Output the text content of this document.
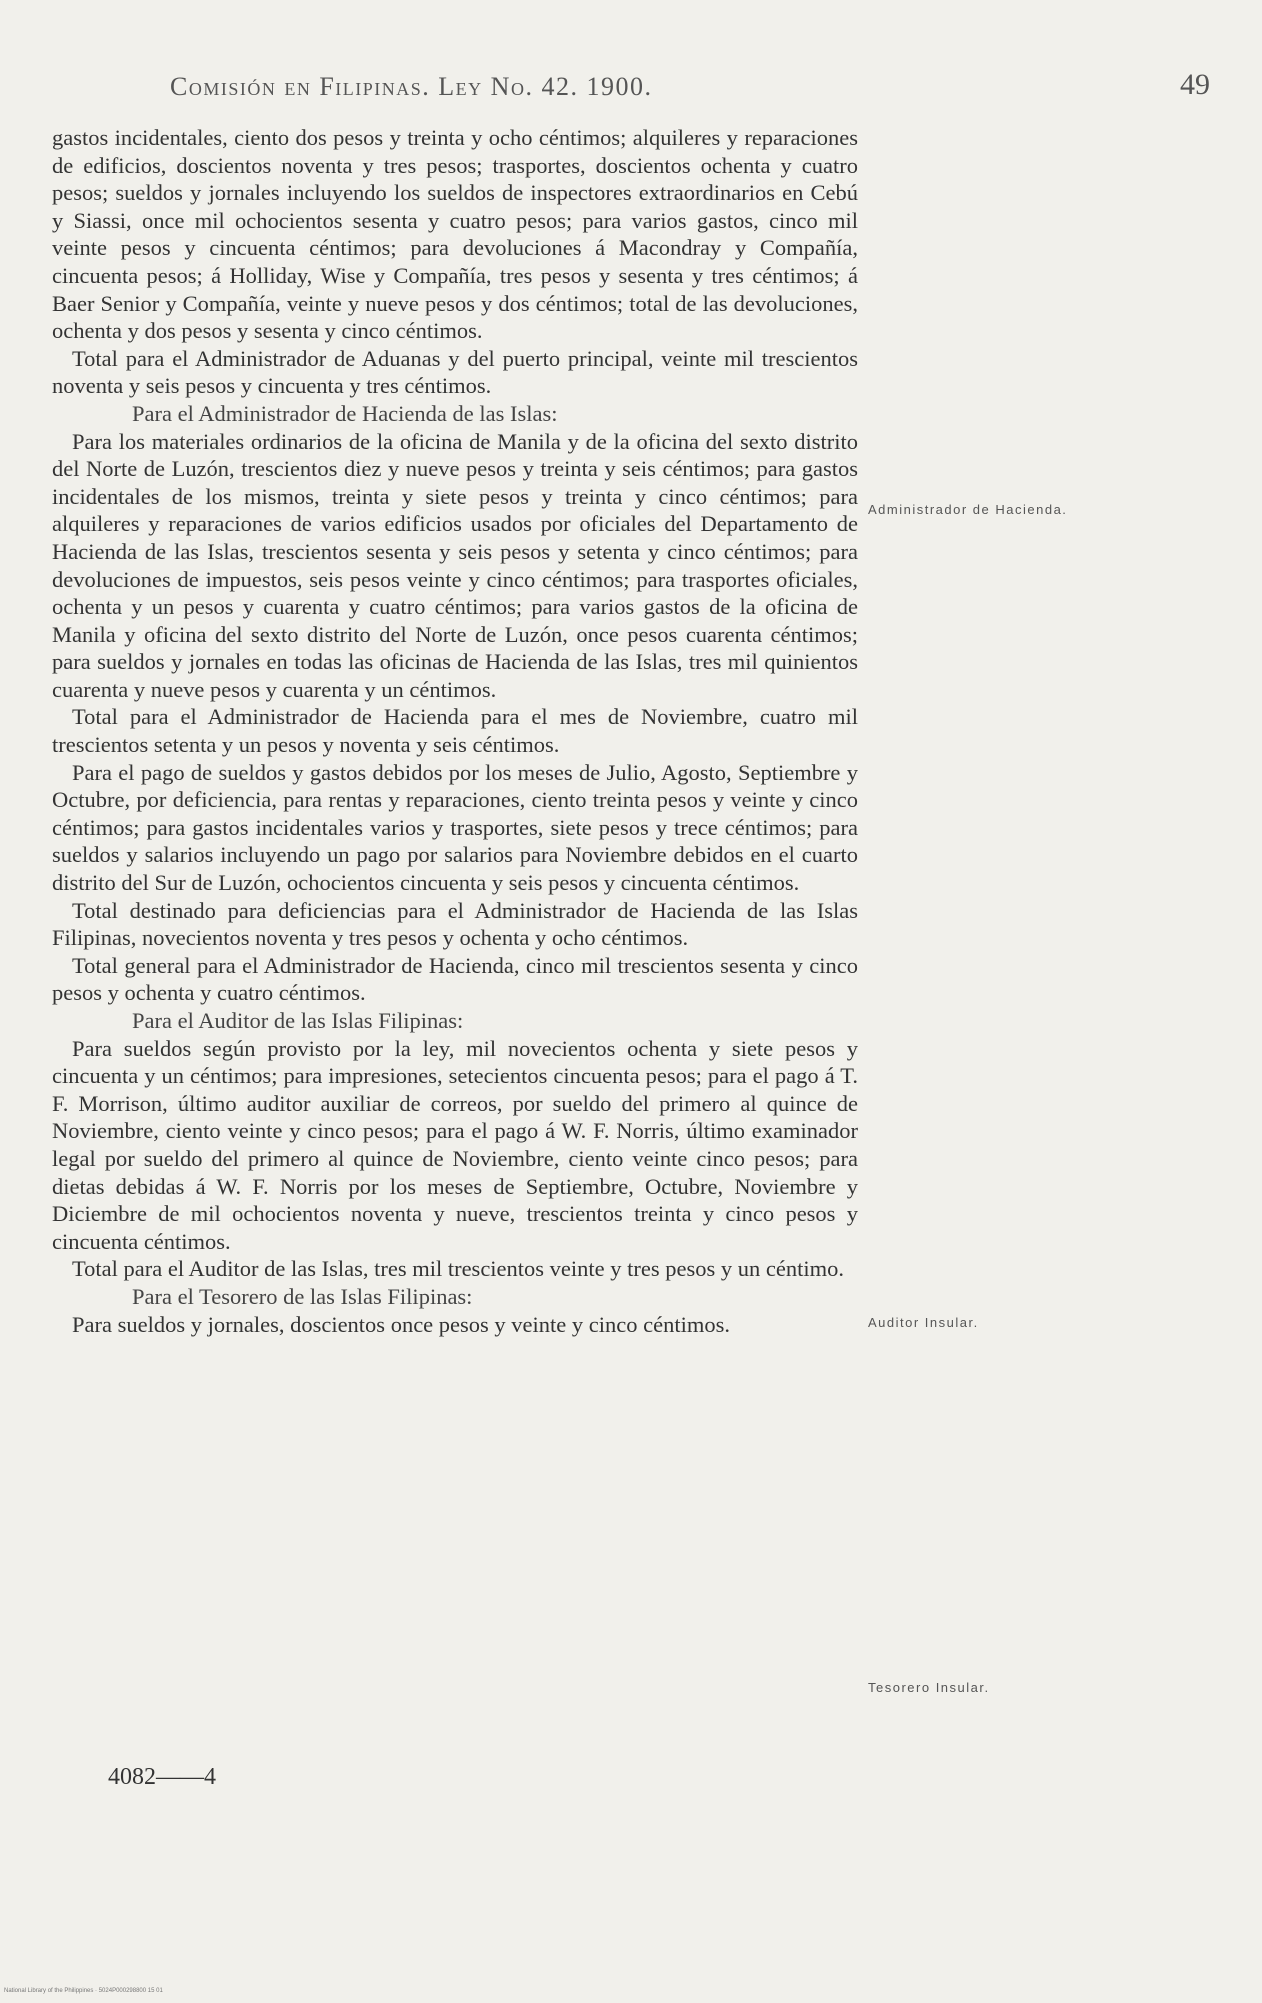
Comisión en Filipinas. Ley No. 42. 1900.	49

gastos incidentales, ciento dos pesos y treinta y ocho céntimos; alquileres y reparaciones de edificios, doscientos noventa y tres pesos; trasportes, doscientos ochenta y cuatro pesos; sueldos y jornales incluyendo los sueldos de inspectores extraordinarios en Cebú y Siassi, once mil ochocientos sesenta y cuatro pesos; para varios gastos, cinco mil veinte pesos y cincuenta céntimos; para devoluciones á Macondray y Compañía, cincuenta pesos; á Holliday, Wise y Compañía, tres pesos y sesenta y tres céntimos; á Baer Senior y Compañía, veinte y nueve pesos y dos céntimos; total de las devoluciones, ochenta y dos pesos y sesenta y cinco céntimos.

Total para el Administrador de Aduanas y del puerto principal, veinte mil trescientos noventa y seis pesos y cincuenta y tres céntimos.

Para el Administrador de Hacienda de las Islas:

Para los materiales ordinarios de la oficina de Manila y de la oficina del sexto distrito del Norte de Luzón, trescientos diez y nueve pesos y treinta y seis céntimos; para gastos incidentales de los mismos, treinta y siete pesos y treinta y cinco céntimos; para alquileres y reparaciones de varios edificios usados por oficiales del Departamento de Hacienda de las Islas, trescientos sesenta y seis pesos y setenta y cinco céntimos; para devoluciones de impuestos, seis pesos veinte y cinco céntimos; para trasportes oficiales, ochenta y un pesos y cuarenta y cuatro céntimos; para varios gastos de la oficina de Manila y oficina del sexto distrito del Norte de Luzón, once pesos cuarenta céntimos; para sueldos y jornales en todas las oficinas de Hacienda de las Islas, tres mil quinientos cuarenta y nueve pesos y cuarenta y un céntimos.

Total para el Administrador de Hacienda para el mes de Noviembre, cuatro mil trescientos setenta y un pesos y noventa y seis céntimos.

Para el pago de sueldos y gastos debidos por los meses de Julio, Agosto, Septiembre y Octubre, por deficiencia, para rentas y reparaciones, ciento treinta pesos y veinte y cinco céntimos; para gastos incidentales varios y trasportes, siete pesos y trece céntimos; para sueldos y salarios incluyendo un pago por salarios para Noviembre debidos en el cuarto distrito del Sur de Luzón, ochocientos cincuenta y seis pesos y cincuenta céntimos.

Total destinado para deficiencias para el Administrador de Hacienda de las Islas Filipinas, novecientos noventa y tres pesos y ochenta y ocho céntimos.

Total general para el Administrador de Hacienda, cinco mil trescientos sesenta y cinco pesos y ochenta y cuatro céntimos.

Para el Auditor de las Islas Filipinas:

Para sueldos según provisto por la ley, mil novecientos ochenta y siete pesos y cincuenta y un céntimos; para impresiones, setecientos cincuenta pesos; para el pago á T. F. Morrison, último auditor auxiliar de correos, por sueldo del primero al quince de Noviembre, ciento veinte y cinco pesos; para el pago á W. F. Norris, último examinador legal por sueldo del primero al quince de Noviembre, ciento veinte cinco pesos; para dietas debidas á W. F. Norris por los meses de Septiembre, Octubre, Noviembre y Diciembre de mil ochocientos noventa y nueve, trescientos treinta y cinco pesos y cincuenta céntimos.

Total para el Auditor de las Islas, tres mil trescientos veinte y tres pesos y un céntimo.

Para el Tesorero de las Islas Filipinas:

Para sueldos y jornales, doscientos once pesos y veinte y cinco céntimos.

Administrador de Hacienda.
Auditor Insular.
Tesorero Insular.
4082——4
National Library of the Philippines · 5024P000298800 15 01
